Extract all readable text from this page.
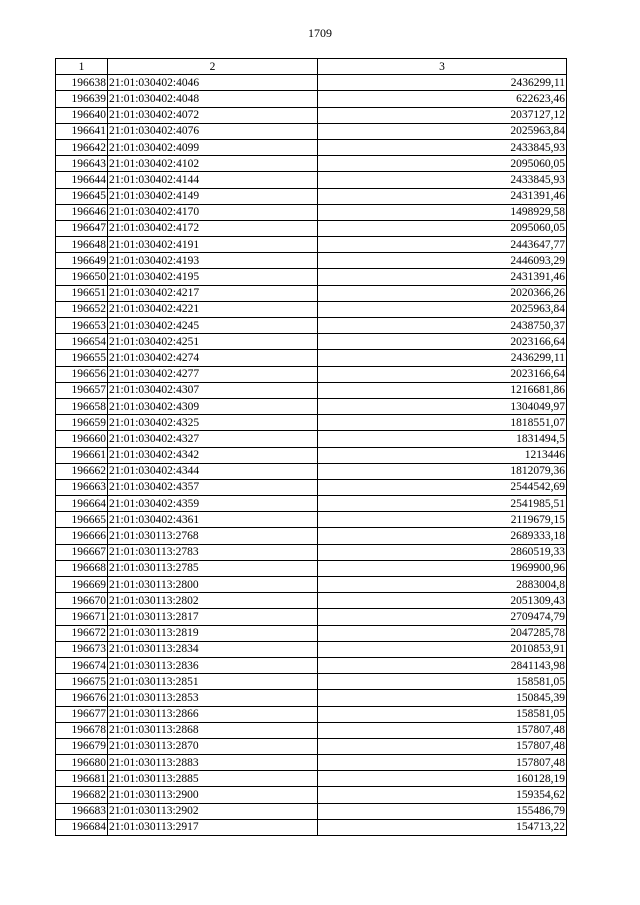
1709
1	2	3
196638	21:01:030402:4046	2436299,11
196639	21:01:030402:4048	622623,46
196640	21:01:030402:4072	2037127,12
196641	21:01:030402:4076	2025963,84
196642	21:01:030402:4099	2433845,93
196643	21:01:030402:4102	2095060,05
196644	21:01:030402:4144	2433845,93
196645	21:01:030402:4149	2431391,46
196646	21:01:030402:4170	1498929,58
196647	21:01:030402:4172	2095060,05
196648	21:01:030402:4191	2443647,77
196649	21:01:030402:4193	2446093,29
196650	21:01:030402:4195	2431391,46
196651	21:01:030402:4217	2020366,26
196652	21:01:030402:4221	2025963,84
196653	21:01:030402:4245	2438750,37
196654	21:01:030402:4251	2023166,64
196655	21:01:030402:4274	2436299,11
196656	21:01:030402:4277	2023166,64
196657	21:01:030402:4307	1216681,86
196658	21:01:030402:4309	1304049,97
196659	21:01:030402:4325	1818551,07
196660	21:01:030402:4327	1831494,5
196661	21:01:030402:4342	1213446
196662	21:01:030402:4344	1812079,36
196663	21:01:030402:4357	2544542,69
196664	21:01:030402:4359	2541985,51
196665	21:01:030402:4361	2119679,15
196666	21:01:030113:2768	2689333,18
196667	21:01:030113:2783	2860519,33
196668	21:01:030113:2785	1969900,96
196669	21:01:030113:2800	2883004,8
196670	21:01:030113:2802	2051309,43
196671	21:01:030113:2817	2709474,79
196672	21:01:030113:2819	2047285,78
196673	21:01:030113:2834	2010853,91
196674	21:01:030113:2836	2841143,98
196675	21:01:030113:2851	158581,05
196676	21:01:030113:2853	150845,39
196677	21:01:030113:2866	158581,05
196678	21:01:030113:2868	157807,48
196679	21:01:030113:2870	157807,48
196680	21:01:030113:2883	157807,48
196681	21:01:030113:2885	160128,19
196682	21:01:030113:2900	159354,62
196683	21:01:030113:2902	155486,79
196684	21:01:030113:2917	154713,22
